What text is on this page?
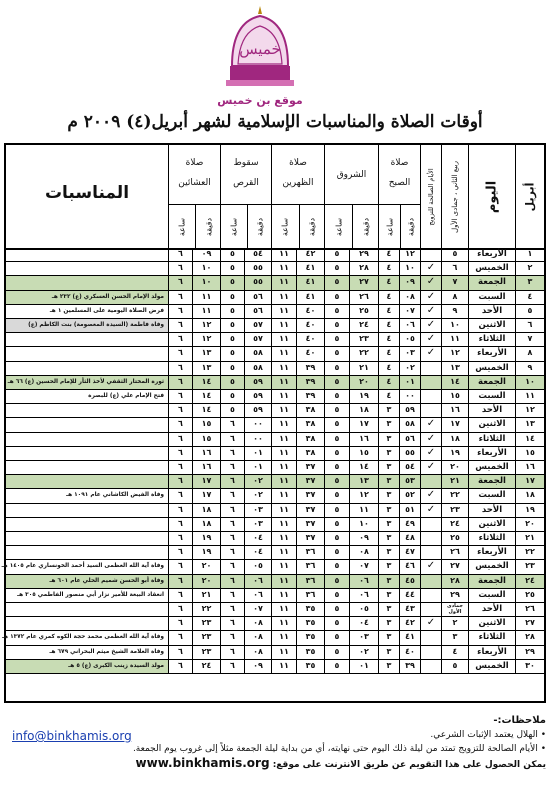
خميس
موقع بن خميس
أوقات الصلاة والمناسبات الإسلامية لشهر أبريل(٤) ٢٠٠٩ م
أبريل
اليوم
ربيع الثاني ، جمادى الأول
الأيام الصالحة للتزويج
صلاة
الصبح
ساعة دقيقة
الشروق
ساعة دقيقة
صلاة
الظهرين
ساعة دقيقة
سقوط
القرص
ساعة دقيقة
صلاة
العشائين
ساعة دقيقة
المناسبات
١
الأربعاء
٥
١٢
٤
٢٩
٥
٤٢
١١
٥٤
٥
٠٩
٦
٢
الخميس
٦
✓
١٠
٤
٢٨
٥
٤١
١١
٥٥
٥
١٠
٦
٣
الجمعة
٧
✓
٠٩
٤
٢٧
٥
٤١
١١
٥٥
٥
١٠
٦
٤
السبت
٨
✓
٠٨
٤
٢٦
٥
٤١
١١
٥٦
٥
١١
٦
مولد الإمام الحسن العسكري (ع) ٢٣٢ هـ
٥
الأحد
٩
✓
٠٧
٤
٢٥
٥
٤٠
١١
٥٦
٥
١١
٦
فرض الصلاة اليومية على المسلمين ١ هـ
٦
الاثنين
١٠
✓
٠٦
٤
٢٤
٥
٤٠
١١
٥٧
٥
١٢
٦
وفاة فاطمة (السيدة المعصومة) بنت الكاظم (ع)
٧
الثلاثاء
١١
✓
٠٥
٤
٢٣
٥
٤٠
١١
٥٧
٥
١٢
٦
٨
الأربعاء
١٢
✓
٠٣
٤
٢٢
٥
٤٠
١١
٥٨
٥
١٣
٦
٩
الخميس
١٣
٠٢
٤
٢١
٥
٣٩
١١
٥٨
٥
١٣
٦
١٠
الجمعة
١٤
٠١
٤
٢٠
٥
٣٩
١١
٥٩
٥
١٤
٦
ثورة المختار الثقفي لأخذ الثأر للإمام الحسين (ع) ٦٦ هـ
١١
السبت
١٥
٠٠
٤
١٩
٥
٣٩
١١
٥٩
٥
١٤
٦
فتح الإمام علي (ع) للبصرة
١٢
الأحد
١٦
٥٩
٣
١٨
٥
٣٨
١١
٥٩
٥
١٤
٦
١٣
الاثنين
١٧
✓
٥٨
٣
١٧
٥
٣٨
١١
٠٠
٦
١٥
٦
١٤
الثلاثاء
١٨
✓
٥٦
٣
١٦
٥
٣٨
١١
٠٠
٦
١٥
٦
١٥
الأربعاء
١٩
✓
٥٥
٣
١٥
٥
٣٨
١١
٠١
٦
١٦
٦
١٦
الخميس
٢٠
✓
٥٤
٣
١٤
٥
٣٧
١١
٠١
٦
١٦
٦
١٧
الجمعة
٢١
٥٣
٣
١٣
٥
٣٧
١١
٠٢
٦
١٧
٦
١٨
السبت
٢٢
✓
٥٢
٣
١٢
٥
٣٧
١١
٠٢
٦
١٧
٦
وفاة الفيض الكاشاني عام ١٠٩١ هـ
١٩
الأحد
٢٣
✓
٥١
٣
١١
٥
٣٧
١١
٠٣
٦
١٨
٦
٢٠
الاثنين
٢٤
٤٩
٣
١٠
٥
٣٧
١١
٠٣
٦
١٨
٦
٢١
الثلاثاء
٢٥
٤٨
٣
٠٩
٥
٣٧
١١
٠٤
٦
١٩
٦
٢٢
الأربعاء
٢٦
٤٧
٣
٠٨
٥
٣٦
١١
٠٤
٦
١٩
٦
٢٣
الخميس
٢٧
✓
٤٦
٣
٠٧
٥
٣٦
١١
٠٥
٦
٢٠
٦
وفاة آية الله العظمى السيد أحمد الخونساري عام ١٤٠٥ هـ
٢٤
الجمعة
٢٨
٤٥
٣
٠٦
٥
٣٦
١١
٠٦
٦
٢٠
٦
وفاة أبو الحسن شميم الحلي عام ٦٠١ هـ
٢٥
السبت
٢٩
٤٤
٣
٠٦
٥
٣٦
١١
٠٦
٦
٢١
٦
انعقاد البيعة للأمير نزار أبي منصور الفاطمي ٣٠٥ هـ
٢٦
الأحد
جمادى الأول
٤٣
٣
٠٥
٥
٣٥
١١
٠٧
٦
٢٢
٦
٢٧
الاثنين
٢
✓
٤٢
٣
٠٤
٥
٣٥
١١
٠٨
٦
٢٣
٦
٢٨
الثلاثاء
٣
٤١
٣
٠٣
٥
٣٥
١١
٠٨
٦
٢٣
٦
وفاة آية الله العظمى محمد حجة الكوه كمري عام ١٣٧٢ هـ
٢٩
الأربعاء
٤
٤٠
٣
٠٢
٥
٣٥
١١
٠٨
٦
٢٣
٦
وفاة العلامة الشيخ ميثم البحراني ٦٧٩ هـ
٣٠
الخميس
٥
٣٩
٣
٠١
٥
٣٥
١١
٠٩
٦
٢٤
٦
مولد السيدة زينب الكبرى (ع) ٥ هـ
ملاحظات:-
• الهلال يعتمد الإثبات الشرعي.
• الأيام الصالحة للتزويج تمتد من ليلة ذلك اليوم حتى نهايته، أي من بداية ليلة الجمعة مثلاً إلى غروب يوم الجمعة.
يمكن الحصول على هذا التقويم عن طريق الانترنت على موقع: www.binkhamis.org
info@binkhamis.org
